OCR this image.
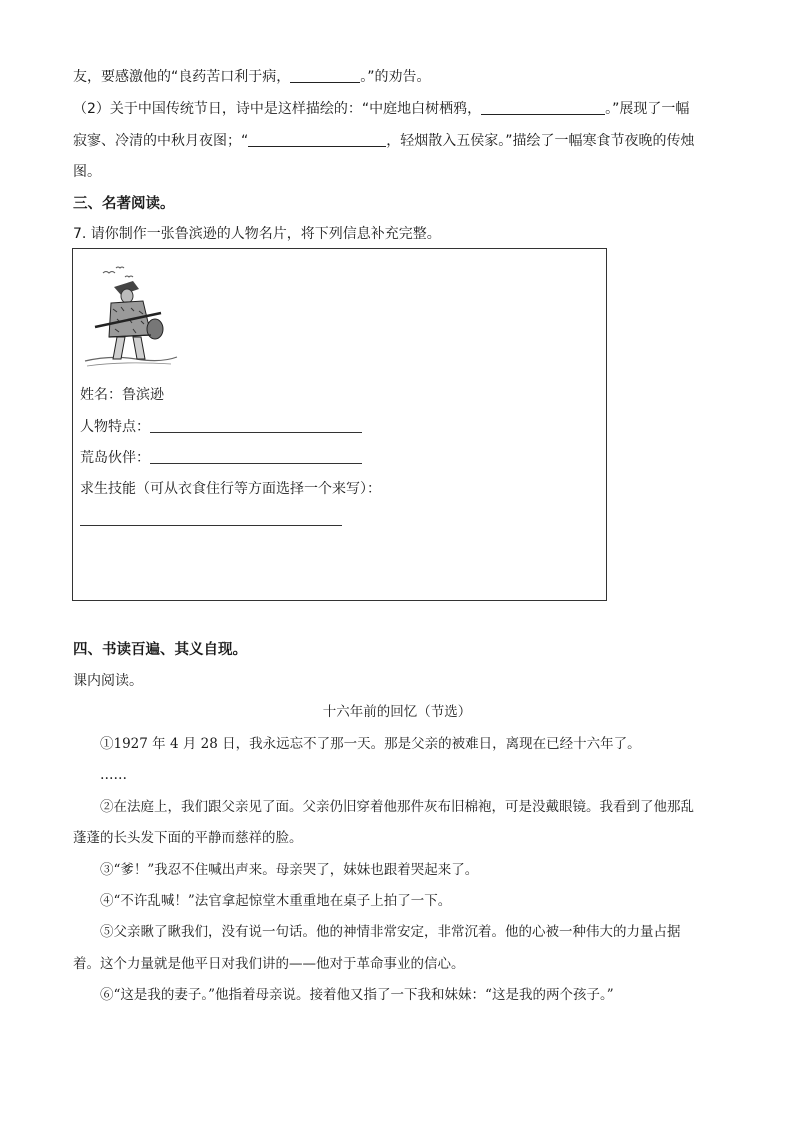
友，要感激他的“良药苦口利于病，	。”的劝告。
（2）关于中国传统节日，诗中是这样描绘的：“中庭地白树栖鸦，	。”展现了一幅
寂寥、冷清的中秋月夜图；“	，轻烟散入五侯家。”描绘了一幅寒食节夜晚的传烛
图。
三、名著阅读。
7. 请你制作一张鲁滨逊的人物名片，将下列信息补充完整。
姓名：鲁滨逊
人物特点：
荒岛伙伴：
求生技能（可从衣食住行等方面选择一个来写）：
四、书读百遍、其义自现。
课内阅读。
十六年前的回忆（节选）
①1927 年 4 月 28 日，我永远忘不了那一天。那是父亲的被难日，离现在已经十六年了。
……
②在法庭上，我们跟父亲见了面。父亲仍旧穿着他那件灰布旧棉袍，可是没戴眼镜。我看到了他那乱
蓬蓬的长头发下面的平静而慈祥的脸。
③“爹！”我忍不住喊出声来。母亲哭了，妹妹也跟着哭起来了。
④“不许乱喊！”法官拿起惊堂木重重地在桌子上拍了一下。
⑤父亲瞅了瞅我们，没有说一句话。他的神情非常安定，非常沉着。他的心被一种伟大的力量占据
着。这个力量就是他平日对我们讲的——他对于革命事业的信心。
⑥“这是我的妻子。”他指着母亲说。接着他又指了一下我和妹妹：“这是我的两个孩子。”
